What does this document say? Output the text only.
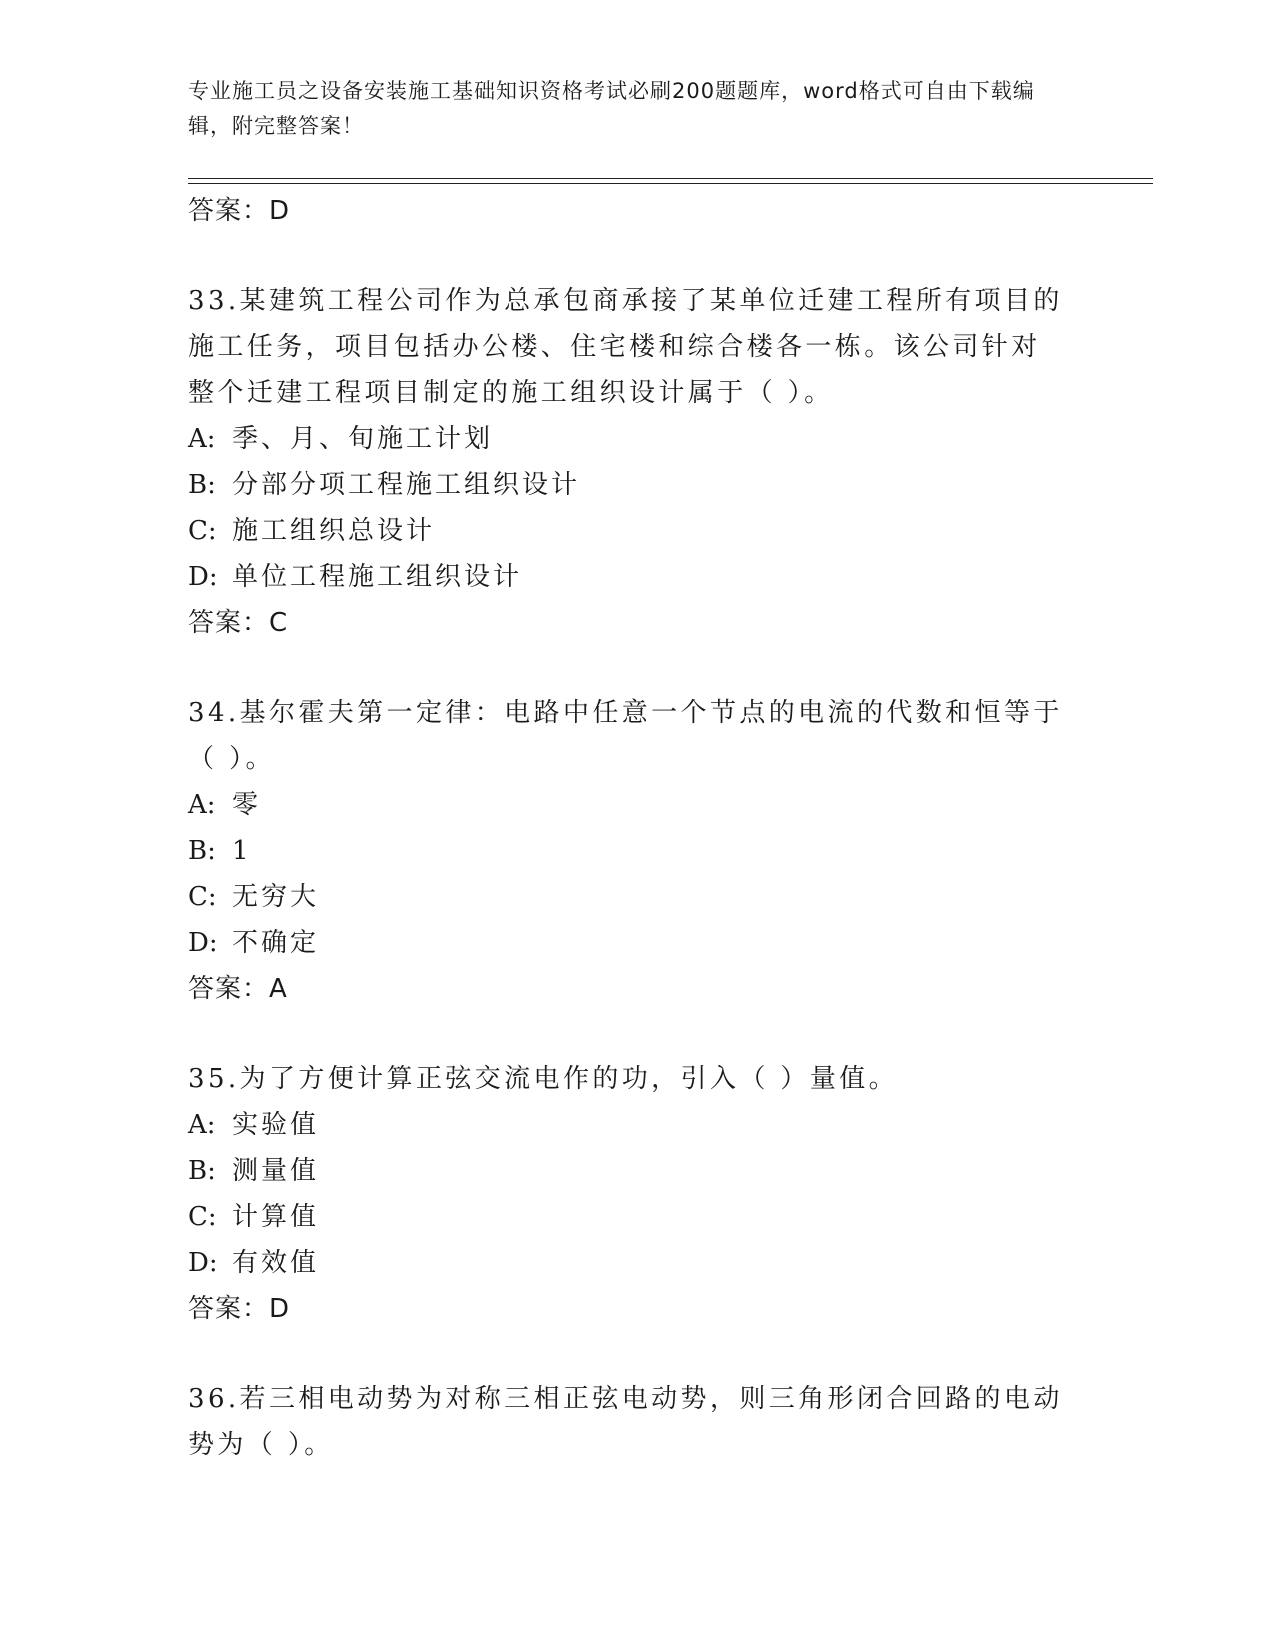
专业施工员之设备安装施工基础知识资格考试必刷200题题库，word格式可自由下载编辑，附完整答案！
答案：D
33.某建筑工程公司作为总承包商承接了某单位迁建工程所有项目的施工任务，项目包括办公楼、住宅楼和综合楼各一栋。该公司针对整个迁建工程项目制定的施工组织设计属于（ ）。
A: 季、月、旬施工计划
B: 分部分项工程施工组织设计
C: 施工组织总设计
D: 单位工程施工组织设计
答案：C
34.基尔霍夫第一定律：电路中任意一个节点的电流的代数和恒等于（ ）。
A: 零
B: 1
C: 无穷大
D: 不确定
答案：A
35.为了方便计算正弦交流电作的功，引入（ ）量值。
A: 实验值
B: 测量值
C: 计算值
D: 有效值
答案：D
36.若三相电动势为对称三相正弦电动势，则三角形闭合回路的电动势为（ ）。
